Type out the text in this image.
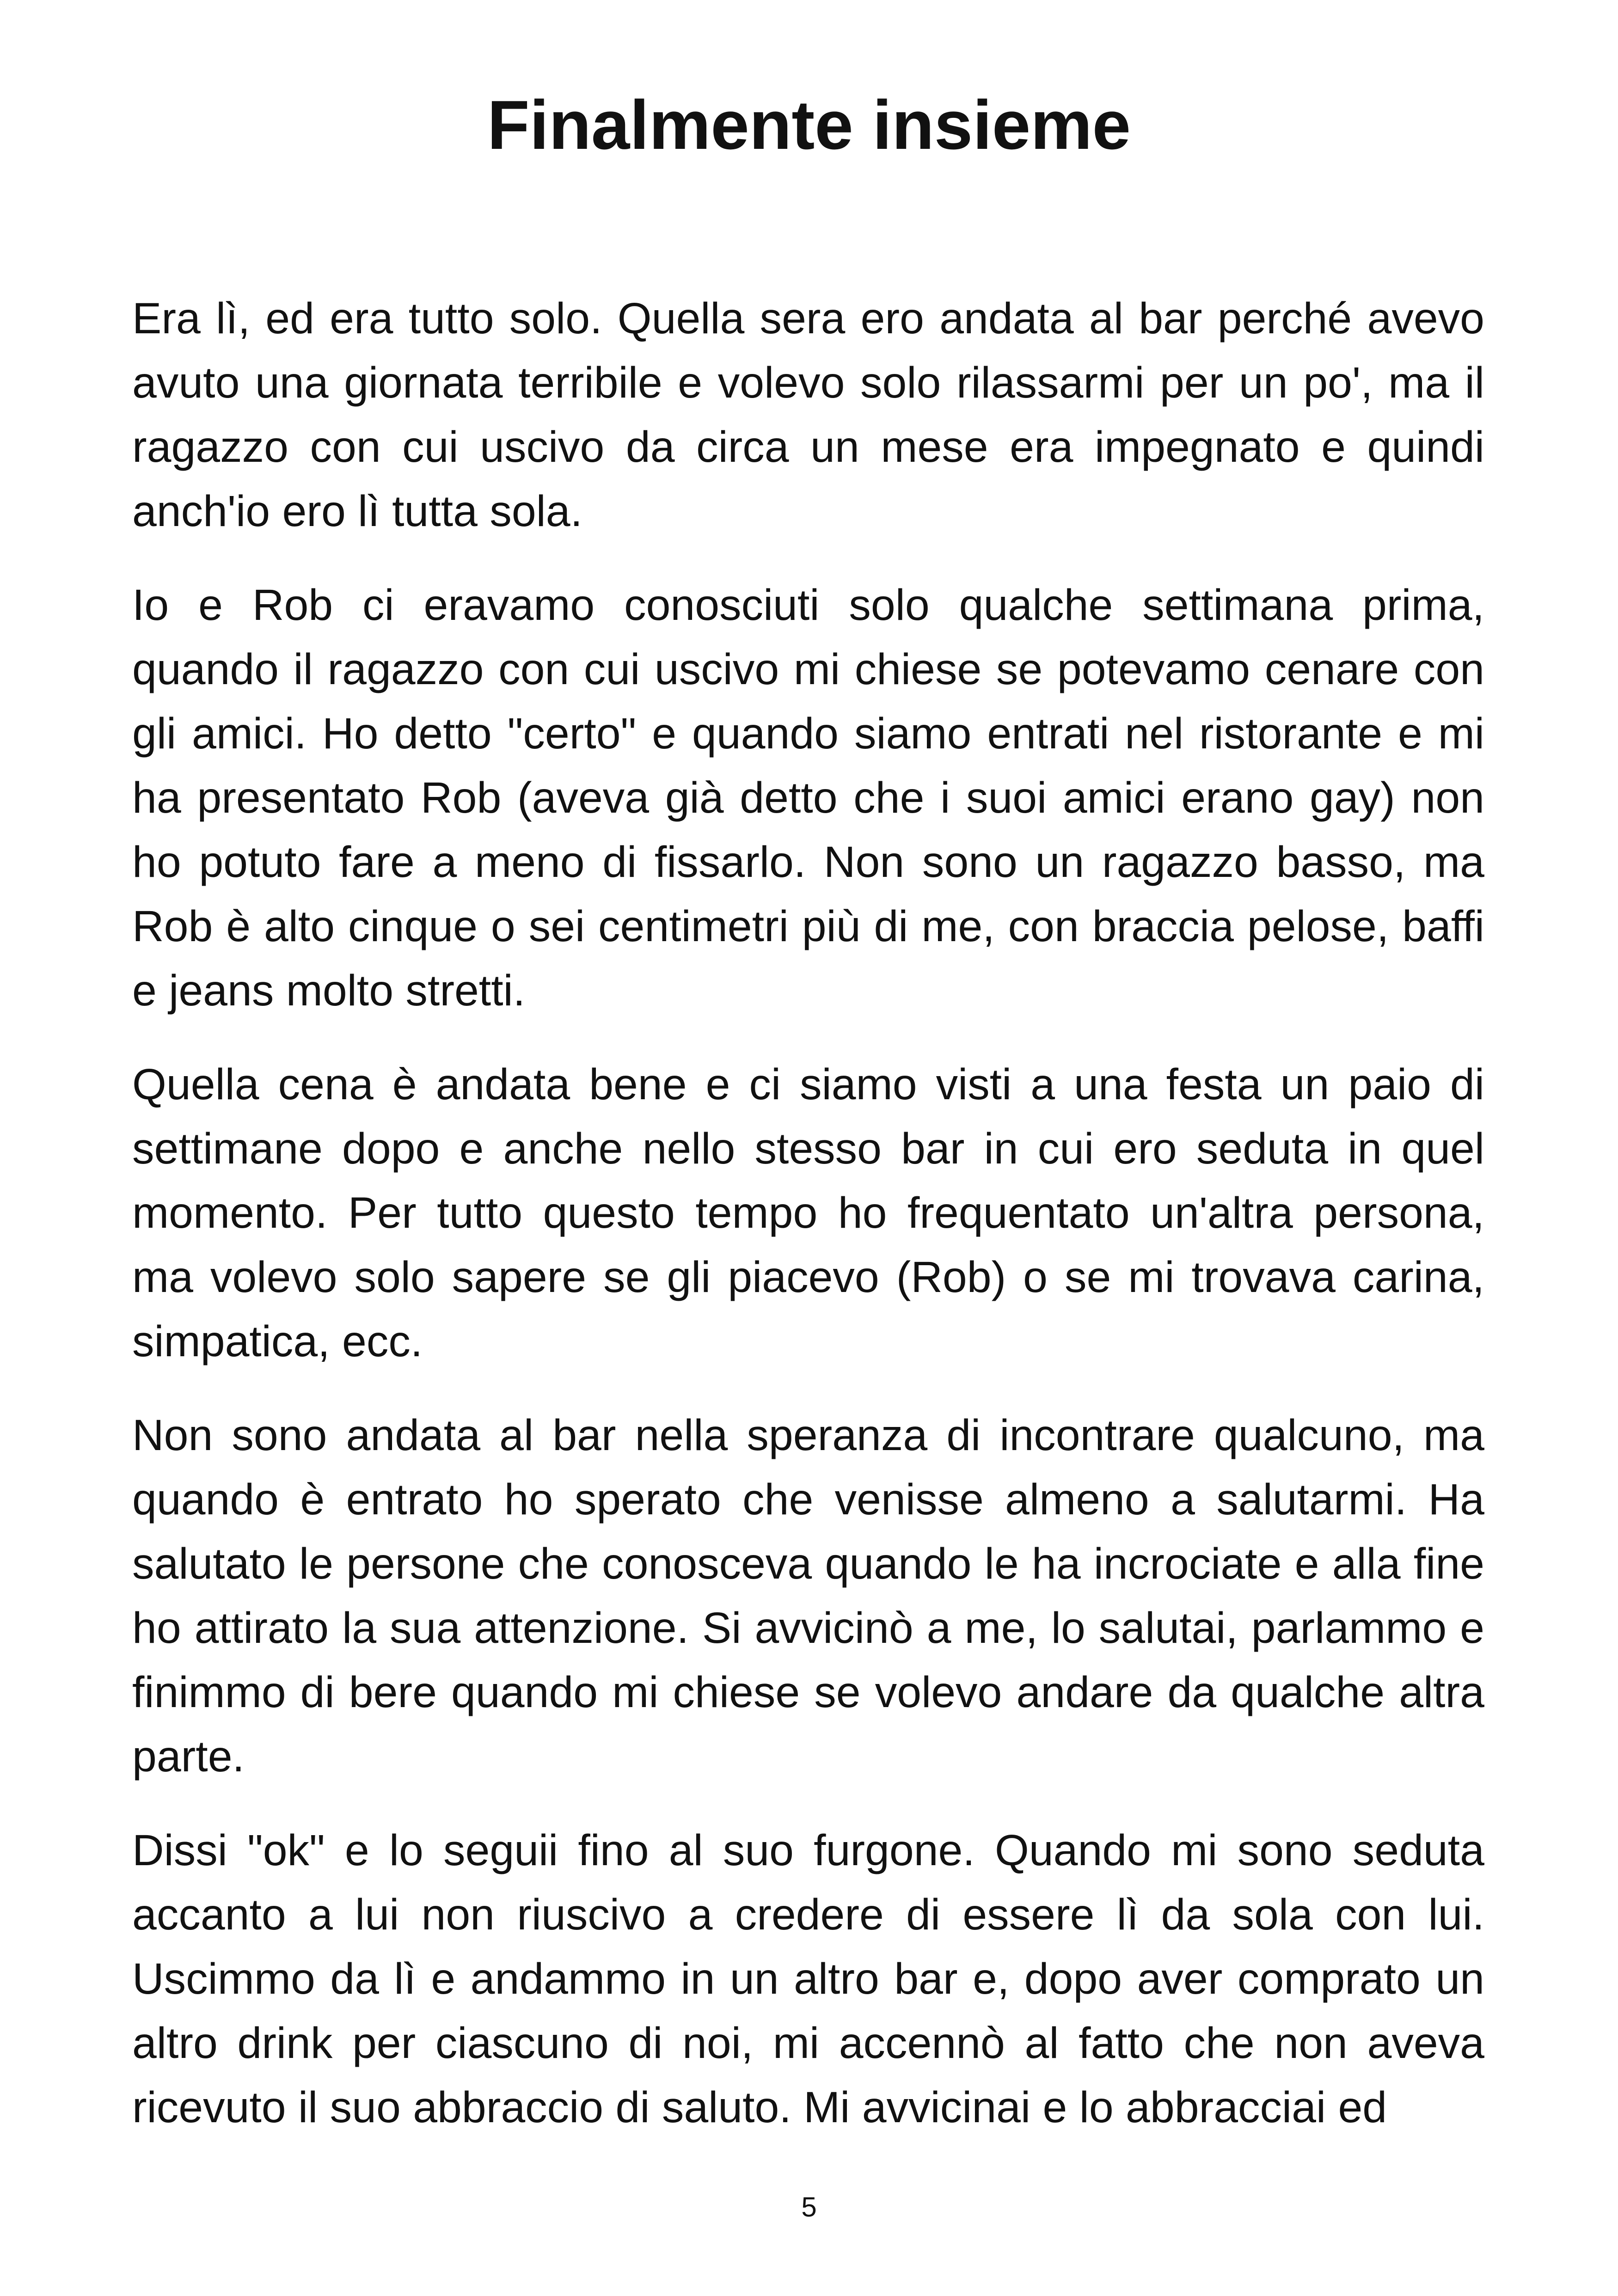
Finalmente insieme

Era lì, ed era tutto solo. Quella sera ero andata al bar perché avevo avuto una giornata terribile e volevo solo rilassarmi per un po', ma il ragazzo con cui uscivo da circa un mese era impegnato e quindi anch'io ero lì tutta sola.

Io e Rob ci eravamo conosciuti solo qualche settimana prima, quando il ragazzo con cui uscivo mi chiese se potevamo cenare con gli amici. Ho detto "certo" e quando siamo entrati nel ristorante e mi ha presentato Rob (aveva già detto che i suoi amici erano gay) non ho potuto fare a meno di fissarlo. Non sono un ragazzo basso, ma Rob è alto cinque o sei centimetri più di me, con braccia pelose, baffi e jeans molto stretti.

Quella cena è andata bene e ci siamo visti a una festa un paio di settimane dopo e anche nello stesso bar in cui ero seduta in quel momento. Per tutto questo tempo ho frequentato un'altra persona, ma volevo solo sapere se gli piacevo (Rob) o se mi trovava carina, simpatica, ecc.

Non sono andata al bar nella speranza di incontrare qualcuno, ma quando è entrato ho sperato che venisse almeno a salutarmi. Ha salutato le persone che conosceva quando le ha incrociate e alla fine ho attirato la sua attenzione. Si avvicinò a me, lo salutai, parlammo e finimmo di bere quando mi chiese se volevo andare da qualche altra parte.

Dissi "ok" e lo seguii fino al suo furgone. Quando mi sono seduta accanto a lui non riuscivo a credere di essere lì da sola con lui. Uscimmo da lì e andammo in un altro bar e, dopo aver comprato un altro drink per ciascuno di noi, mi accennò al fatto che non aveva ricevuto il suo abbraccio di saluto. Mi avvicinai e lo abbracciai ed

5
